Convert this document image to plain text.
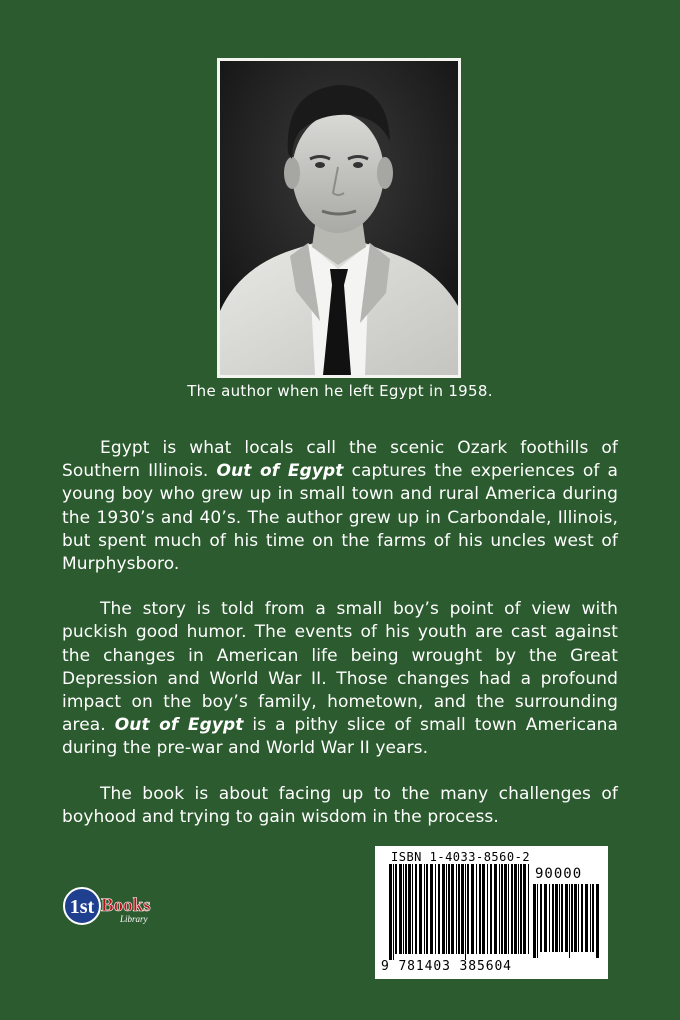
The author when he left Egypt in 1958.

Egypt is what locals call the scenic Ozark foothills of Southern Illinois. Out of Egypt captures the experiences of a young boy who grew up in small town and rural America during the 1930’s and 40’s. The author grew up in Carbondale, Illinois, but spent much of his time on the farms of his uncles west of Murphysboro.

The story is told from a small boy’s point of view with puckish good humor. The events of his youth are cast against the changes in American life being wrought by the Great Depression and World War II. Those changes had a profound impact on the boy’s family, hometown, and the surrounding area. Out of Egypt is a pithy slice of small town Americana during the pre-war and World War II years.

The book is about facing up to the many challenges of boyhood and trying to gain wisdom in the process.

1st Books
Library
ISBN 1-4033-8560-2
90000
9 781403 385604
